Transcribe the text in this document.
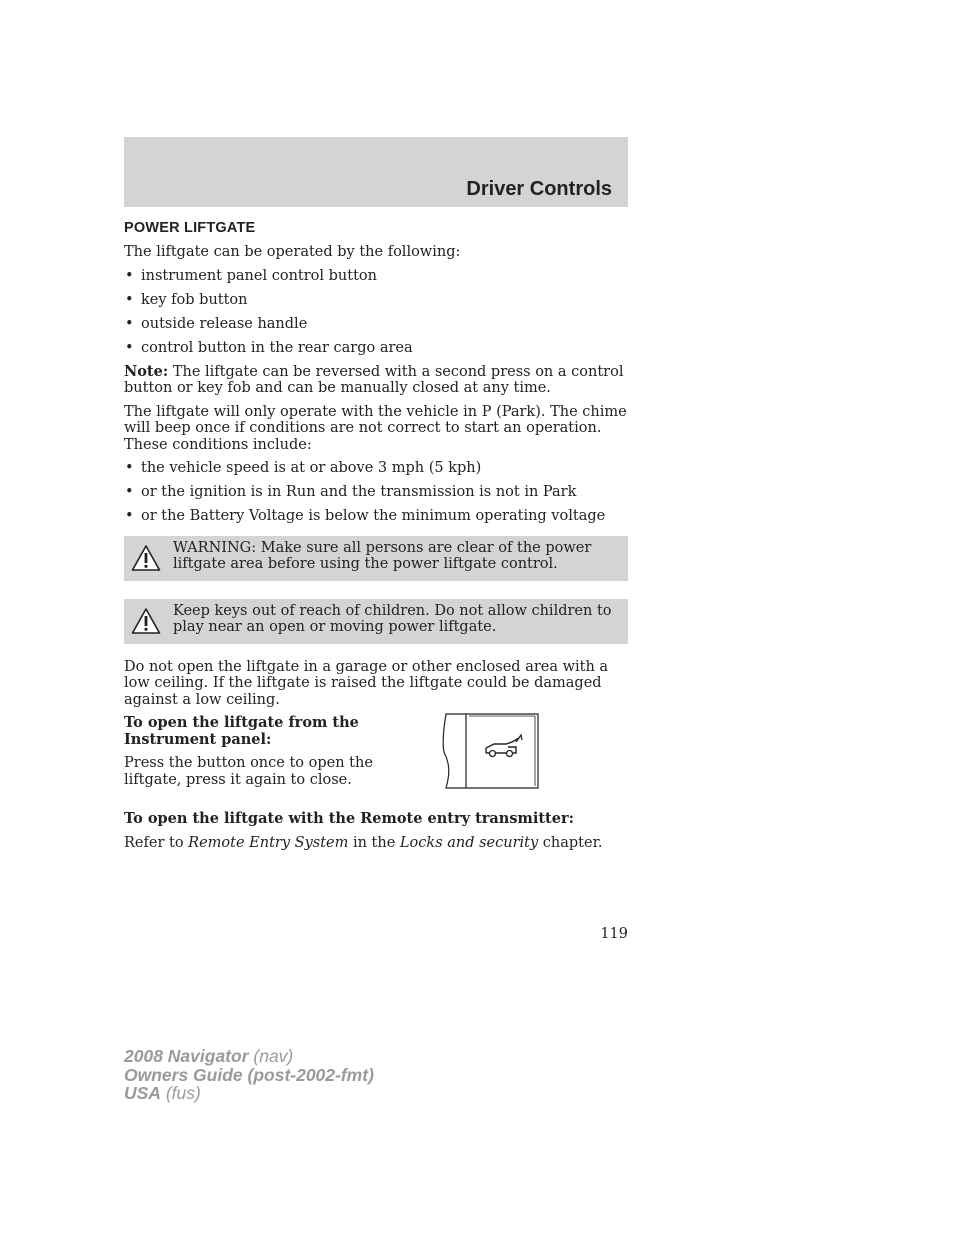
Driver Controls
POWER LIFTGATE

The liftgate can be operated by the following:

• instrument panel control button
• key fob button
• outside release handle
• control button in the rear cargo area

Note: The liftgate can be reversed with a second press on a control button or key fob and can be manually closed at any time.

The liftgate will only operate with the vehicle in P (Park). The chime will beep once if conditions are not correct to start an operation. These conditions include:

• the vehicle speed is at or above 3 mph (5 kph)
• or the ignition is in Run and the transmission is not in Park
• or the Battery Voltage is below the minimum operating voltage
WARNING: Make sure all persons are clear of the power liftgate area before using the power liftgate control.
Keep keys out of reach of children. Do not allow children to play near an open or moving power liftgate.

Do not open the liftgate in a garage or other enclosed area with a low ceiling. If the liftgate is raised the liftgate could be damaged against a low ceiling.

To open the liftgate from the Instrument panel:

Press the button once to open the liftgate, press it again to close.

To open the liftgate with the Remote entry transmitter:

Refer to Remote Entry System in the Locks and security chapter.

119
2008 Navigator (nav)
Owners Guide (post-2002-fmt)
USA (fus)
